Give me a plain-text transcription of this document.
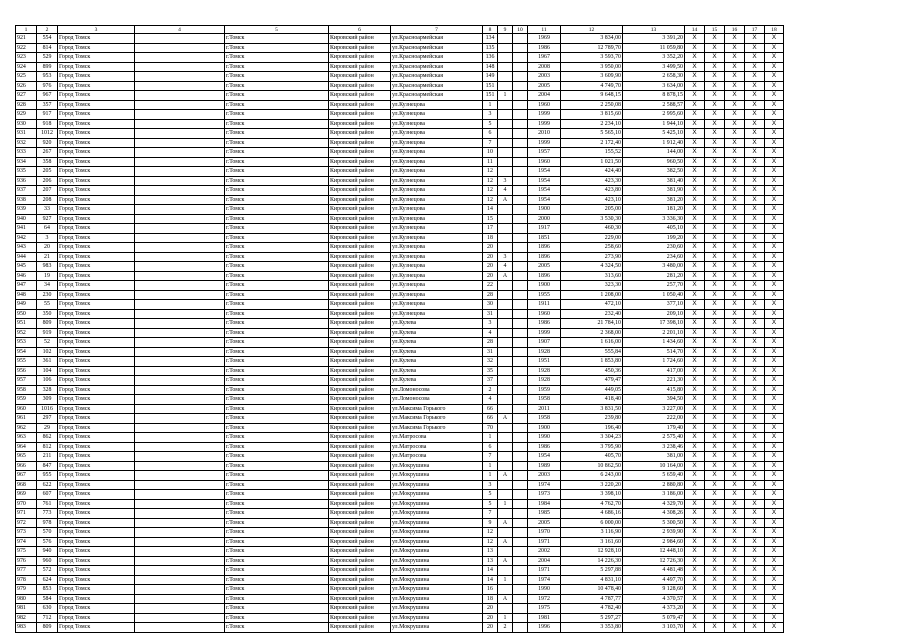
1	2	3	4	5	6	7	8	9	10	11	12	13	14	15	16	17	18
921	554	Город Томск		г.Томск	Кировский район	ул.Красноармейская	134			1969	3 834,00	3 391,20	X	X	X	X	X
922	814	Город Томск		г.Томск	Кировский район	ул.Красноармейская	135			1986	12 789,70	11 059,80	X	X	X	X	X
923	529	Город Томск		г.Томск	Кировский район	ул.Красноармейская	136			1967	3 593,70	3 352,20	X	X	X	X	X
924	899	Город Томск		г.Томск	Кировский район	ул.Красноармейская	148			2008	3 950,00	3 499,50	X	X	X	X	X
925	953	Город Томск		г.Томск	Кировский район	ул.Красноармейская	149			2003	3 609,90	2 658,30	X	X	X	X	X
926	976	Город Томск		г.Томск	Кировский район	ул.Красноармейская	151			2005	4 749,70	3 634,00	X	X	X	X	X
927	967	Город Томск		г.Томск	Кировский район	ул.Красноармейская	151	1		2004	9 648,15	8 878,15	X	X	X	X	X
928	357	Город Томск		г.Томск	Кировский район	ул.Кузнецова	1			1960	2 250,08	2 588,57	X	X	X	X	X
929	917	Город Томск		г.Томск	Кировский район	ул.Кузнецова	3			1999	3 815,60	2 995,60	X	X	X	X	X
930	918	Город Томск		г.Томск	Кировский район	ул.Кузнецова	5			1999	2 234,10	1 944,10	X	X	X	X	X
931	1012	Город Томск		г.Томск	Кировский район	ул.Кузнецова	6			2010	5 565,10	5 425,10	X	X	X	X	X
932	920	Город Томск		г.Томск	Кировский район	ул.Кузнецова	7			1999	2 172,40	1 912,40	X	X	X	X	X
933	267	Город Томск		г.Томск	Кировский район	ул.Кузнецова	10			1957	155,52	144,00	X	X	X	X	X
934	358	Город Томск		г.Томск	Кировский район	ул.Кузнецова	11			1960	1 021,50	960,50	X	X	X	X	X
935	205	Город Томск		г.Томск	Кировский район	ул.Кузнецова	12			1954	424,40	382,50	X	X	X	X	X
936	206	Город Томск		г.Томск	Кировский район	ул.Кузнецова	12	3		1954	423,30	381,40	X	X	X	X	X
937	207	Город Томск		г.Томск	Кировский район	ул.Кузнецова	12	4		1954	423,80	381,90	X	X	X	X	X
938	208	Город Томск		г.Томск	Кировский район	ул.Кузнецова	12	А		1954	423,10	381,20	X	X	X	X	X
939	33	Город Томск		г.Томск	Кировский район	ул.Кузнецова	14			1900	205,00	181,20	X	X	X	X	X
940	927	Город Томск		г.Томск	Кировский район	ул.Кузнецова	15			2000	3 530,30	3 336,30	X	X	X	X	X
941	64	Город Томск		г.Томск	Кировский район	ул.Кузнецова	17			1917	460,30	405,10	X	X	X	X	X
942	3	Город Томск		г.Томск	Кировский район	ул.Кузнецова	18			1851	229,00	199,20	X	X	X	X	X
943	20	Город Томск		г.Томск	Кировский район	ул.Кузнецова	20			1896	258,60	230,60	X	X	X	X	X
944	21	Город Томск		г.Томск	Кировский район	ул.Кузнецова	20	3		1896	273,90	234,60	X	X	X	X	X
945	983	Город Томск		г.Томск	Кировский район	ул.Кузнецова	20	4		2005	4 324,50	3 480,00	X	X	X	X	X
946	19	Город Томск		г.Томск	Кировский район	ул.Кузнецова	20	А		1896	313,60	281,20	X	X	X	X	X
947	34	Город Томск		г.Томск	Кировский район	ул.Кузнецова	22			1900	323,30	257,70	X	X	X	X	X
948	230	Город Томск		г.Томск	Кировский район	ул.Кузнецова	28			1955	1 208,00	1 050,40	X	X	X	X	X
949	55	Город Томск		г.Томск	Кировский район	ул.Кузнецова	30			1911	472,10	377,10	X	X	X	X	X
950	350	Город Томск		г.Томск	Кировский район	ул.Кузнецова	31			1960	232,40	209,10	X	X	X	X	X
951	809	Город Томск		г.Томск	Кировский район	ул.Кулева	3			1986	21 784,10	17 398,10	X	X	X	X	X
952	919	Город Томск		г.Томск	Кировский район	ул.Кулева	4			1999	2 368,00	2 201,10	X	X	X	X	X
953	52	Город Томск		г.Томск	Кировский район	ул.Кулева	28			1907	1 616,00	1 434,60	X	X	X	X	X
954	102	Город Томск		г.Томск	Кировский район	ул.Кулева	31			1928	555,84	514,70	X	X	X	X	X
955	361	Город Томск		г.Томск	Кировский район	ул.Кулева	32			1951	1 853,80	1 724,60	X	X	X	X	X
956	104	Город Томск		г.Томск	Кировский район	ул.Кулева	35			1928	450,36	417,00	X	X	X	X	X
957	106	Город Томск		г.Томск	Кировский район	ул.Кулева	37			1928	479,47	221,30	X	X	X	X	X
958	328	Город Томск		г.Томск	Кировский район	ул.Ломоносова	2			1959	449,05	415,80	X	X	X	X	X
959	309	Город Томск		г.Томск	Кировский район	ул.Ломоносова	4			1958	418,40	394,50	X	X	X	X	X
960	1016	Город Томск		г.Томск	Кировский район	ул.Максима Горького	66			2011	3 831,50	3 227,00	X	X	X	X	X
961	297	Город Томск		г.Томск	Кировский район	ул.Максима Горького	66	А		1958	239,80	222,00	X	X	X	X	X
962	29	Город Томск		г.Томск	Кировский район	ул.Максима Горького	70			1900	196,40	179,40	X	X	X	X	X
963	862	Город Томск		г.Томск	Кировский район	ул.Матросова	1			1990	3 304,23	2 575,40	X	X	X	X	X
964	812	Город Томск		г.Томск	Кировский район	ул.Матросова	6			1986	3 795,90	3 238,46	X	X	X	X	X
965	211	Город Томск		г.Томск	Кировский район	ул.Матросова	7			1954	405,70	381,00	X	X	X	X	X
966	847	Город Томск		г.Томск	Кировский район	ул.Мокрушина	1			1989	10 862,50	10 164,00	X	X	X	X	X
967	955	Город Томск		г.Томск	Кировский район	ул.Мокрушина	1	А		2003	6 243,00	5 659,40	X	X	X	X	X
968	622	Город Томск		г.Томск	Кировский район	ул.Мокрушина	3			1974	3 220,20	2 880,80	X	X	X	X	X
969	607	Город Томск		г.Томск	Кировский район	ул.Мокрушина	5			1973	3 398,10	3 186,00	X	X	X	X	X
970	761	Город Томск		г.Томск	Кировский район	ул.Мокрушина	5	1		1984	4 762,70	4 329,70	X	X	X	X	X
971	773	Город Томск		г.Томск	Кировский район	ул.Мокрушина	7			1985	4 686,16	4 308,26	X	X	X	X	X
972	978	Город Томск		г.Томск	Кировский район	ул.Мокрушина	9	А		2005	6 000,00	5 300,50	X	X	X	X	X
973	570	Город Томск		г.Томск	Кировский район	ул.Мокрушина	12			1970	3 116,90	2 939,90	X	X	X	X	X
974	576	Город Томск		г.Томск	Кировский район	ул.Мокрушина	12	А		1971	3 161,60	2 984,60	X	X	X	X	X
975	940	Город Томск		г.Томск	Кировский район	ул.Мокрушина	13			2002	12 928,10	12 448,10	X	X	X	X	X
976	960	Город Томск		г.Томск	Кировский район	ул.Мокрушина	13	А		2004	14 226,30	12 726,30	X	X	X	X	X
977	572	Город Томск		г.Томск	Кировский район	ул.Мокрушина	14			1971	5 297,88	4 481,48	X	X	X	X	X
978	624	Город Томск		г.Томск	Кировский район	ул.Мокрушина	14	1		1974	4 831,10	4 497,70	X	X	X	X	X
979	853	Город Томск		г.Томск	Кировский район	ул.Мокрушина	16			1990	10 478,40	9 128,60	X	X	X	X	X
980	584	Город Томск		г.Томск	Кировский район	ул.Мокрушина	18	А		1972	4 787,77	4 370,57	X	X	X	X	X
981	630	Город Томск		г.Томск	Кировский район	ул.Мокрушина	20			1975	4 782,40	4 373,20	X	X	X	X	X
982	712	Город Томск		г.Томск	Кировский район	ул.Мокрушина	20	1		1981	5 297,27	5 079,47	X	X	X	X	X
983	809	Город Томск		г.Томск	Кировский район	ул.Мокрушина	20	2		1996	3 353,80	3 103,70	X	X	X	X	X
